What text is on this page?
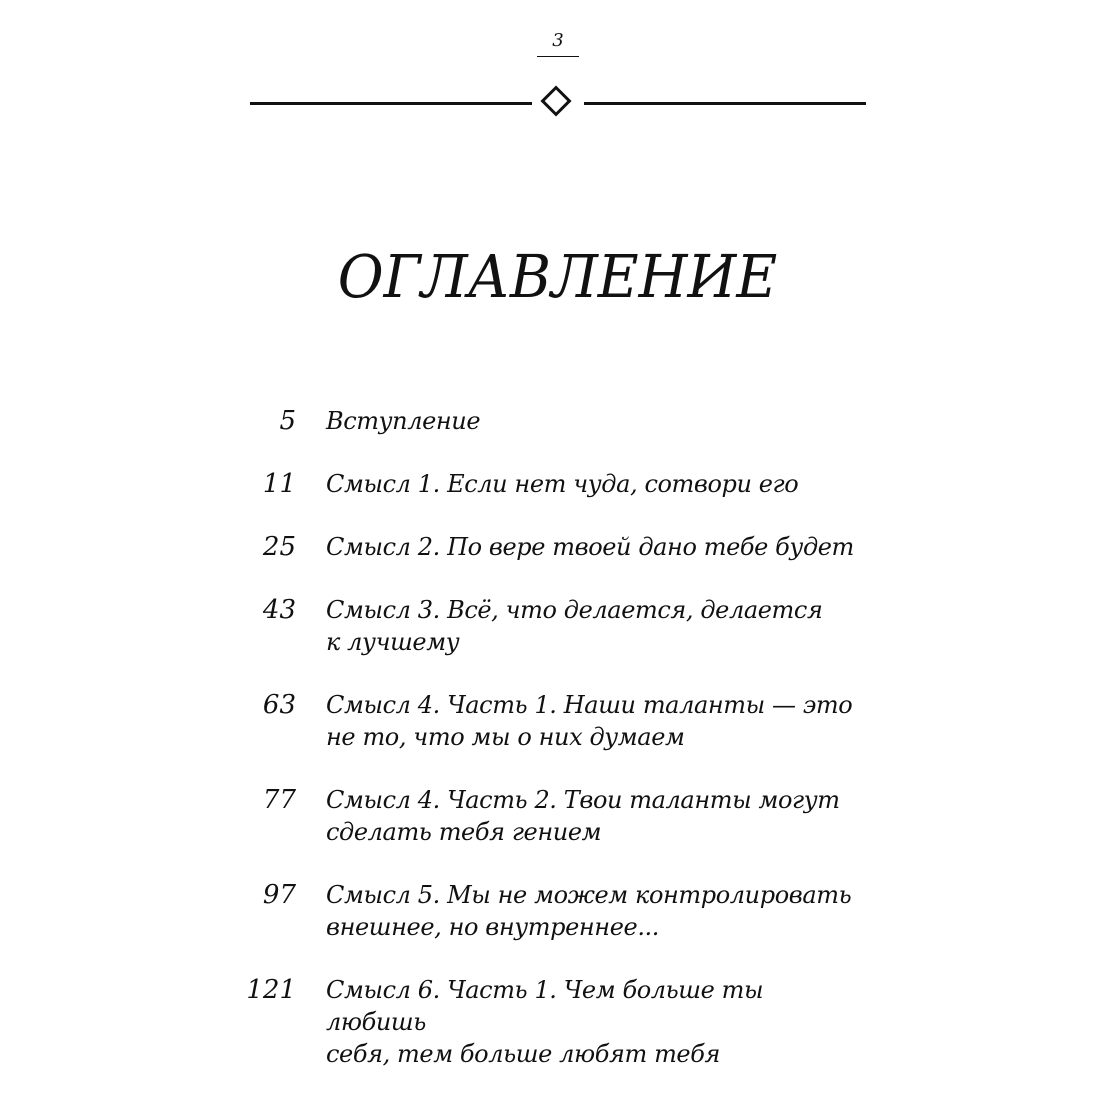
3
ОГЛАВЛЕНИЕ
5 Вступление
11 Смысл 1. Если нет чуда, сотвори его
25 Смысл 2. По вере твоей дано тебе будет
43 Смысл 3. Всё, что делается, делается
к лучшему
63 Смысл 4. Часть 1. Наши таланты — это
не то, что мы о них думаем
77 Смысл 4. Часть 2. Твои таланты могут
сделать тебя гением
97 Смысл 5. Мы не можем контролировать
внешнее, но внутреннее...
121 Смысл 6. Часть 1. Чем больше ты любишь
себя, тем больше любят тебя
